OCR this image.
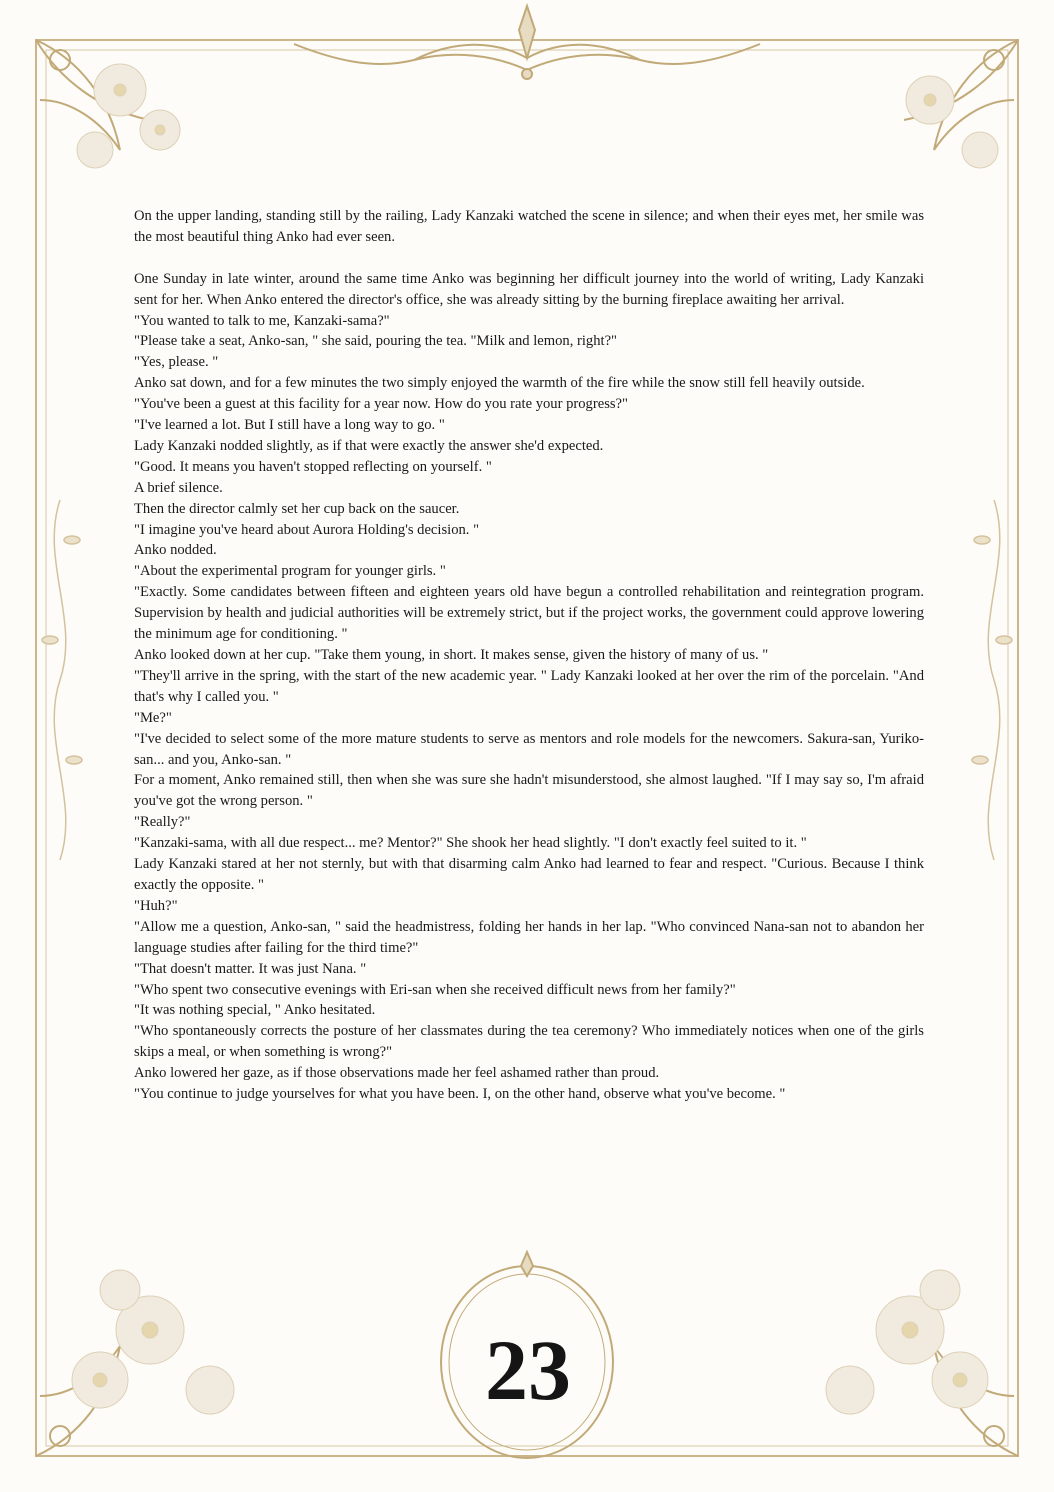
On the upper landing, standing still by the railing, Lady Kanzaki watched the scene in silence; and when their eyes met, her smile was the most beautiful thing Anko had ever seen.

One Sunday in late winter, around the same time Anko was beginning her difficult journey into the world of writing, Lady Kanzaki sent for her. When Anko entered the director's office, she was already sitting by the burning fireplace awaiting her arrival.

"You wanted to talk to me, Kanzaki-sama?"

"Please take a seat, Anko-san, " she said, pouring the tea. "Milk and lemon, right?"

"Yes, please. "

Anko sat down, and for a few minutes the two simply enjoyed the warmth of the fire while the snow still fell heavily outside.

"You've been a guest at this facility for a year now. How do you rate your progress?"

"I've learned a lot. But I still have a long way to go. "

Lady Kanzaki nodded slightly, as if that were exactly the answer she'd expected.

"Good. It means you haven't stopped reflecting on yourself. "

A brief silence.

Then the director calmly set her cup back on the saucer.

"I imagine you've heard about Aurora Holding's decision. "

Anko nodded.

"About the experimental program for younger girls. "

"Exactly. Some candidates between fifteen and eighteen years old have begun a controlled rehabilitation and reintegration program. Supervision by health and judicial authorities will be extremely strict, but if the project works, the government could approve lowering the minimum age for conditioning. "

Anko looked down at her cup. "Take them young, in short. It makes sense, given the history of many of us. "

"They'll arrive in the spring, with the start of the new academic year. " Lady Kanzaki looked at her over the rim of the porcelain. "And that's why I called you. "

"Me?"

"I've decided to select some of the more mature students to serve as mentors and role models for the newcomers. Sakura-san, Yuriko-san... and you, Anko-san. "

For a moment, Anko remained still, then when she was sure she hadn't misunderstood, she almost laughed. "If I may say so, I'm afraid you've got the wrong person. "

"Really?"

"Kanzaki-sama, with all due respect... me? Mentor?" She shook her head slightly. "I don't exactly feel suited to it. "

Lady Kanzaki stared at her not sternly, but with that disarming calm Anko had learned to fear and respect. "Curious. Because I think exactly the opposite. "

"Huh?"

"Allow me a question, Anko-san, " said the headmistress, folding her hands in her lap. "Who convinced Nana-san not to abandon her language studies after failing for the third time?"

"That doesn't matter. It was just Nana. "

"Who spent two consecutive evenings with Eri-san when she received difficult news from her family?"

"It was nothing special, " Anko hesitated.

"Who spontaneously corrects the posture of her classmates during the tea ceremony? Who immediately notices when one of the girls skips a meal, or when something is wrong?"

Anko lowered her gaze, as if those observations made her feel ashamed rather than proud.

"You continue to judge yourselves for what you have been. I, on the other hand, observe what you've become. "

23
